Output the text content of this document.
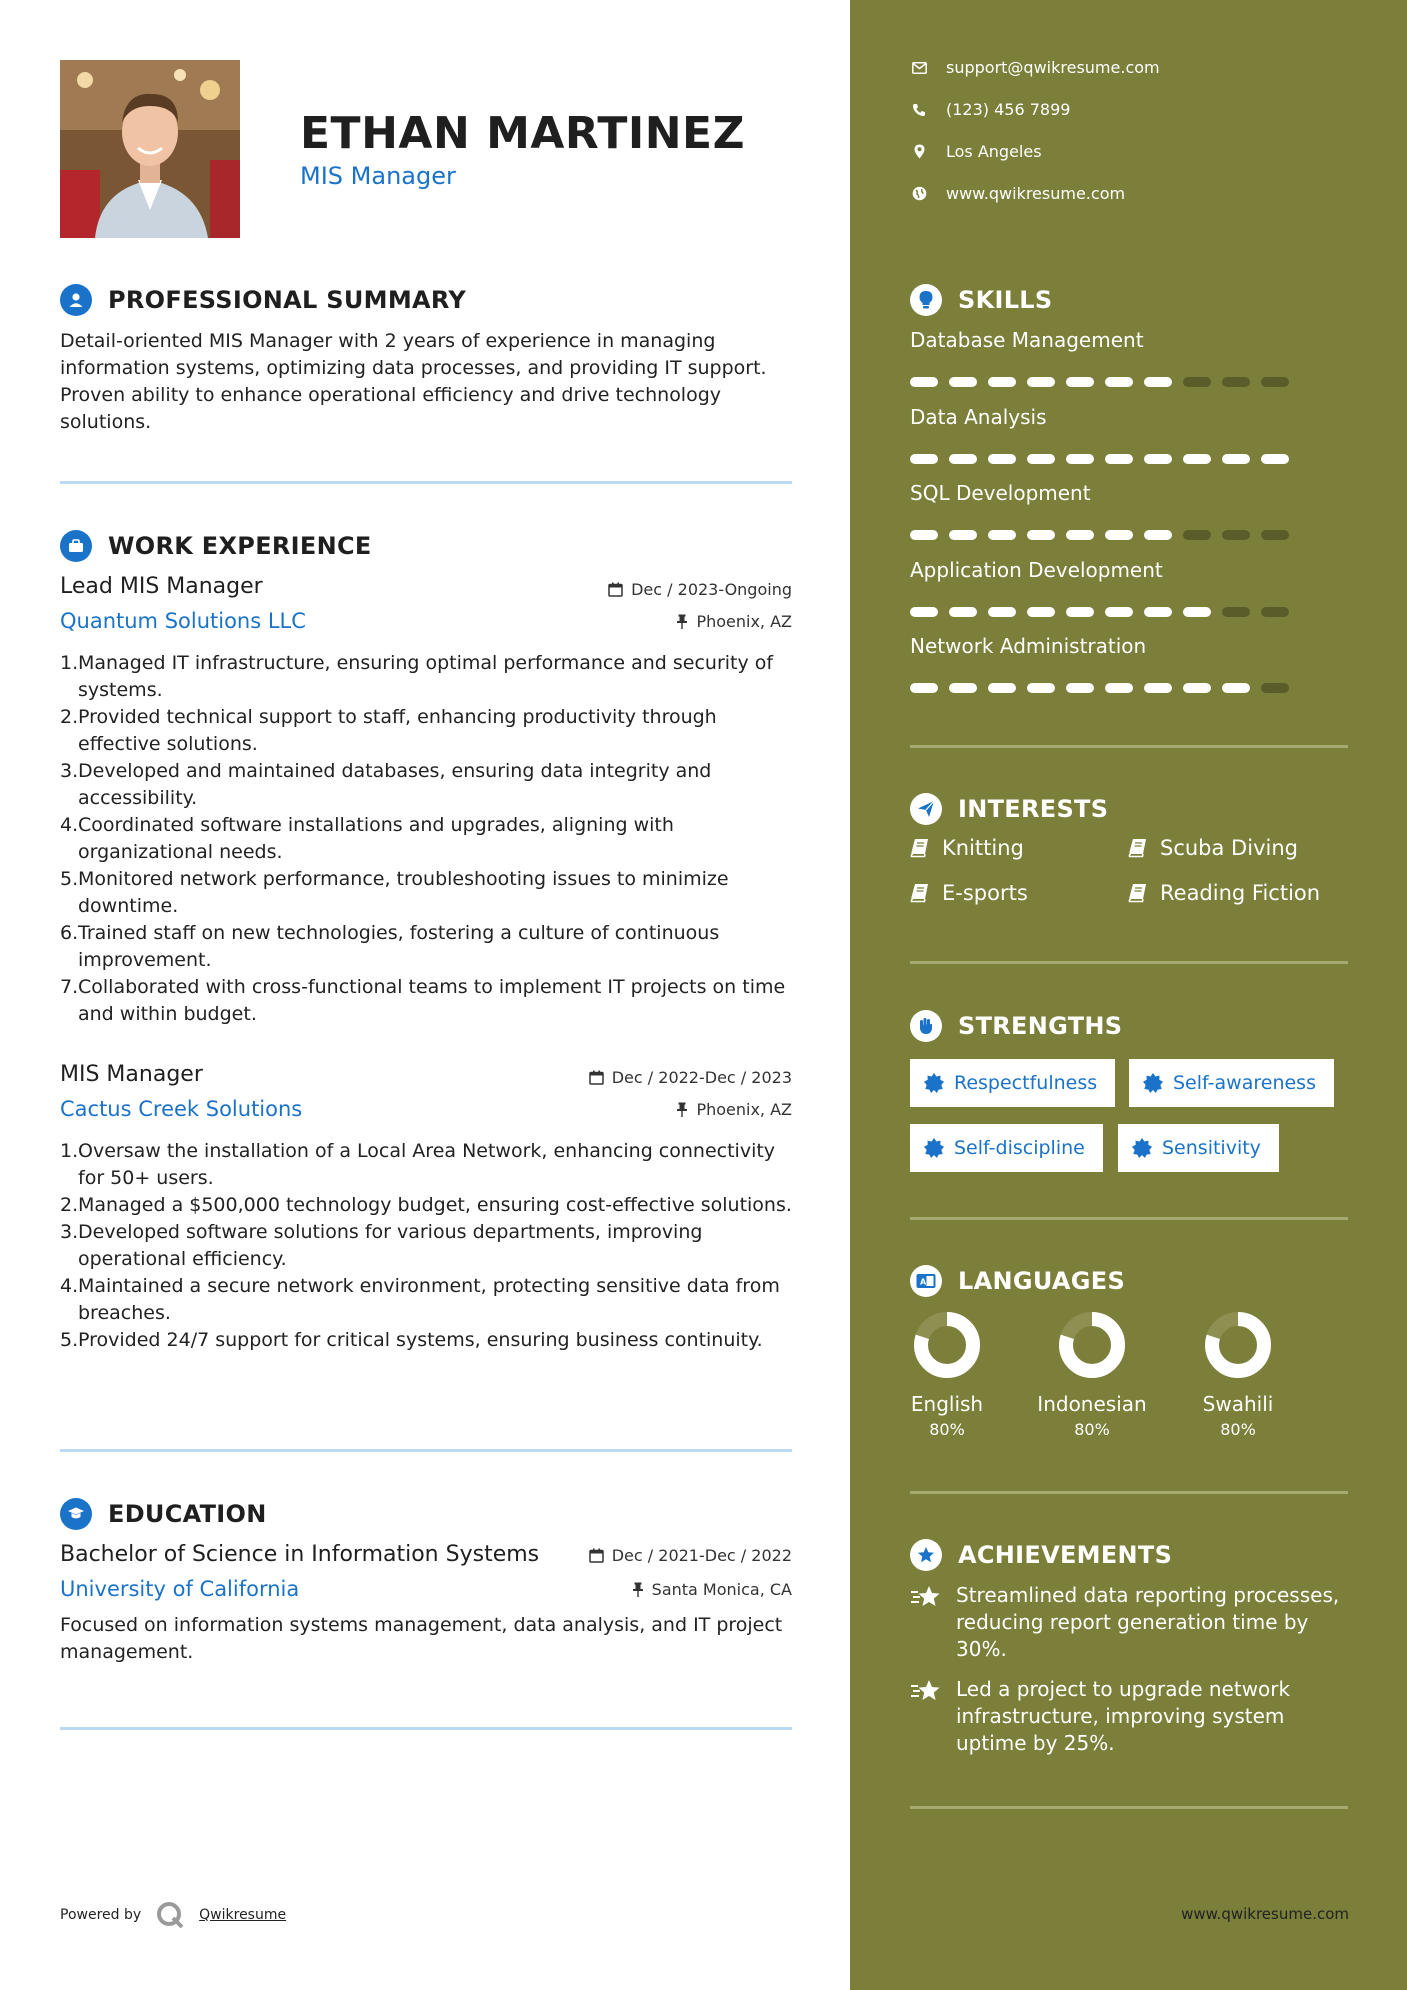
ETHAN MARTINEZ
MIS Manager
PROFESSIONAL SUMMARY
Detail-oriented MIS Manager with 2 years of experience in managing information systems, optimizing data processes, and providing IT support. Proven ability to enhance operational efficiency and drive technology solutions.
WORK EXPERIENCE
Lead MIS Manager	Dec / 2023-Ongoing
Quantum Solutions LLC	Phoenix, AZ
1. Managed IT infrastructure, ensuring optimal performance and security of systems.
2. Provided technical support to staff, enhancing productivity through effective solutions.
3. Developed and maintained databases, ensuring data integrity and accessibility.
4. Coordinated software installations and upgrades, aligning with organizational needs.
5. Monitored network performance, troubleshooting issues to minimize downtime.
6. Trained staff on new technologies, fostering a culture of continuous improvement.
7. Collaborated with cross-functional teams to implement IT projects on time and within budget.
MIS Manager	Dec / 2022-Dec / 2023
Cactus Creek Solutions	Phoenix, AZ
1. Oversaw the installation of a Local Area Network, enhancing connectivity for 50+ users.
2. Managed a $500,000 technology budget, ensuring cost-effective solutions.
3. Developed software solutions for various departments, improving operational efficiency.
4. Maintained a secure network environment, protecting sensitive data from breaches.
5. Provided 24/7 support for critical systems, ensuring business continuity.
EDUCATION
Bachelor of Science in Information Systems	Dec / 2021-Dec / 2022
University of California	Santa Monica, CA
Focused on information systems management, data analysis, and IT project management.
Powered by	Qwikresume
support@qwikresume.com
(123) 456 7899
Los Angeles
www.qwikresume.com
SKILLS
Database Management
Data Analysis
SQL Development
Application Development
Network Administration
INTERESTS
Knitting	Scuba Diving
E-sports	Reading Fiction
STRENGTHS
Respectfulness	Self-awareness
Self-discipline	Sensitivity
A LANGUAGES
English
80%
Indonesian
80%
Swahili
80%
ACHIEVEMENTS
Streamlined data reporting processes, reducing report generation time by 30%.
Led a project to upgrade network infrastructure, improving system uptime by 25%.
www.qwikresume.com
